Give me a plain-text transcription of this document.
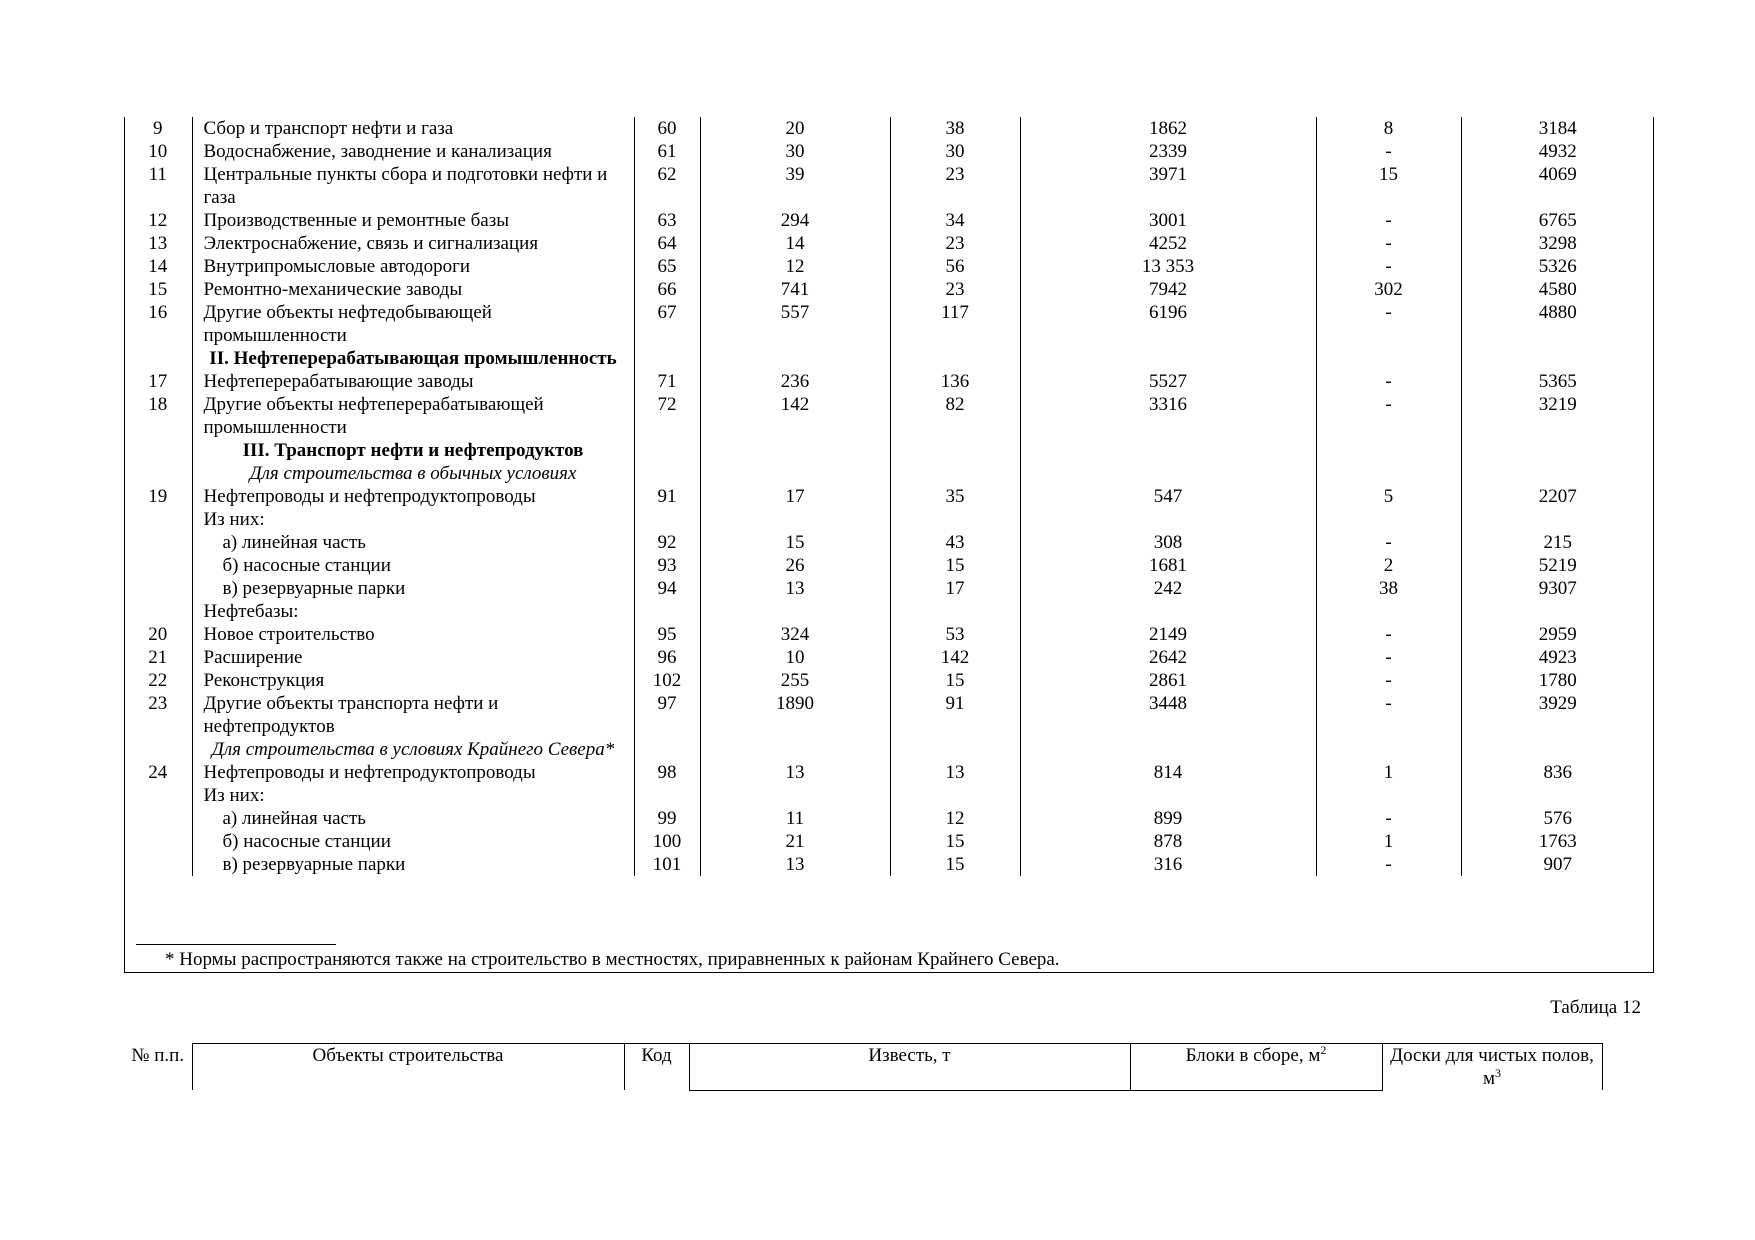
9	Сбор и транспорт нефти и газа	60	20	38	1862	8	3184
10	Водоснабжение, заводнение и канализация	61	30	30	2339	-	4932
11	Центральные пункты сбора и подготовки нефти и газа	62	39	23	3971	15	4069
12	Производственные и ремонтные базы	63	294	34	3001	-	6765
13	Электроснабжение, связь и сигнализация	64	14	23	4252	-	3298
14	Внутрипромысловые автодороги	65	12	56	13 353	-	5326
15	Ремонтно-механические заводы	66	741	23	7942	302	4580
16	Другие объекты нефтедобывающей промышленности	67	557	117	6196	-	4880
	II. Нефтеперерабатывающая промышленность						
17	Нефтеперерабатывающие заводы	71	236	136	5527	-	5365
18	Другие объекты нефтеперерабатывающей промышленности	72	142	82	3316	-	3219
	III. Транспорт нефти и нефтепродуктов						
	Для строительства в обычных условиях						
19	Нефтепроводы и нефтепродуктопроводы	91	17	35	547	5	2207
	Из них:						
	а) линейная часть	92	15	43	308	-	215
	б) насосные станции	93	26	15	1681	2	5219
	в) резервуарные парки	94	13	17	242	38	9307
	Нефтебазы:						
20	Новое строительство	95	324	53	2149	-	2959
21	Расширение	96	10	142	2642	-	4923
22	Реконструкция	102	255	15	2861	-	1780
23	Другие объекты транспорта нефти и нефтепродуктов	97	1890	91	3448	-	3929
	Для строительства в условиях Крайнего Севера*						
24	Нефтепроводы и нефтепродуктопроводы	98	13	13	814	1	836
	Из них:						
	а) линейная часть	99	11	12	899	-	576
	б) насосные станции	100	21	15	878	1	1763
	в) резервуарные парки	101	13	15	316	-	907
* Нормы распространяются также на строительство в местностях, приравненных к районам Крайнего Севера.
Таблица 12
№ п.п.	Объекты строительства	Код	Известь, т	Блоки в сборе, $м^2$	Доски для чистых полов, $м^3$
